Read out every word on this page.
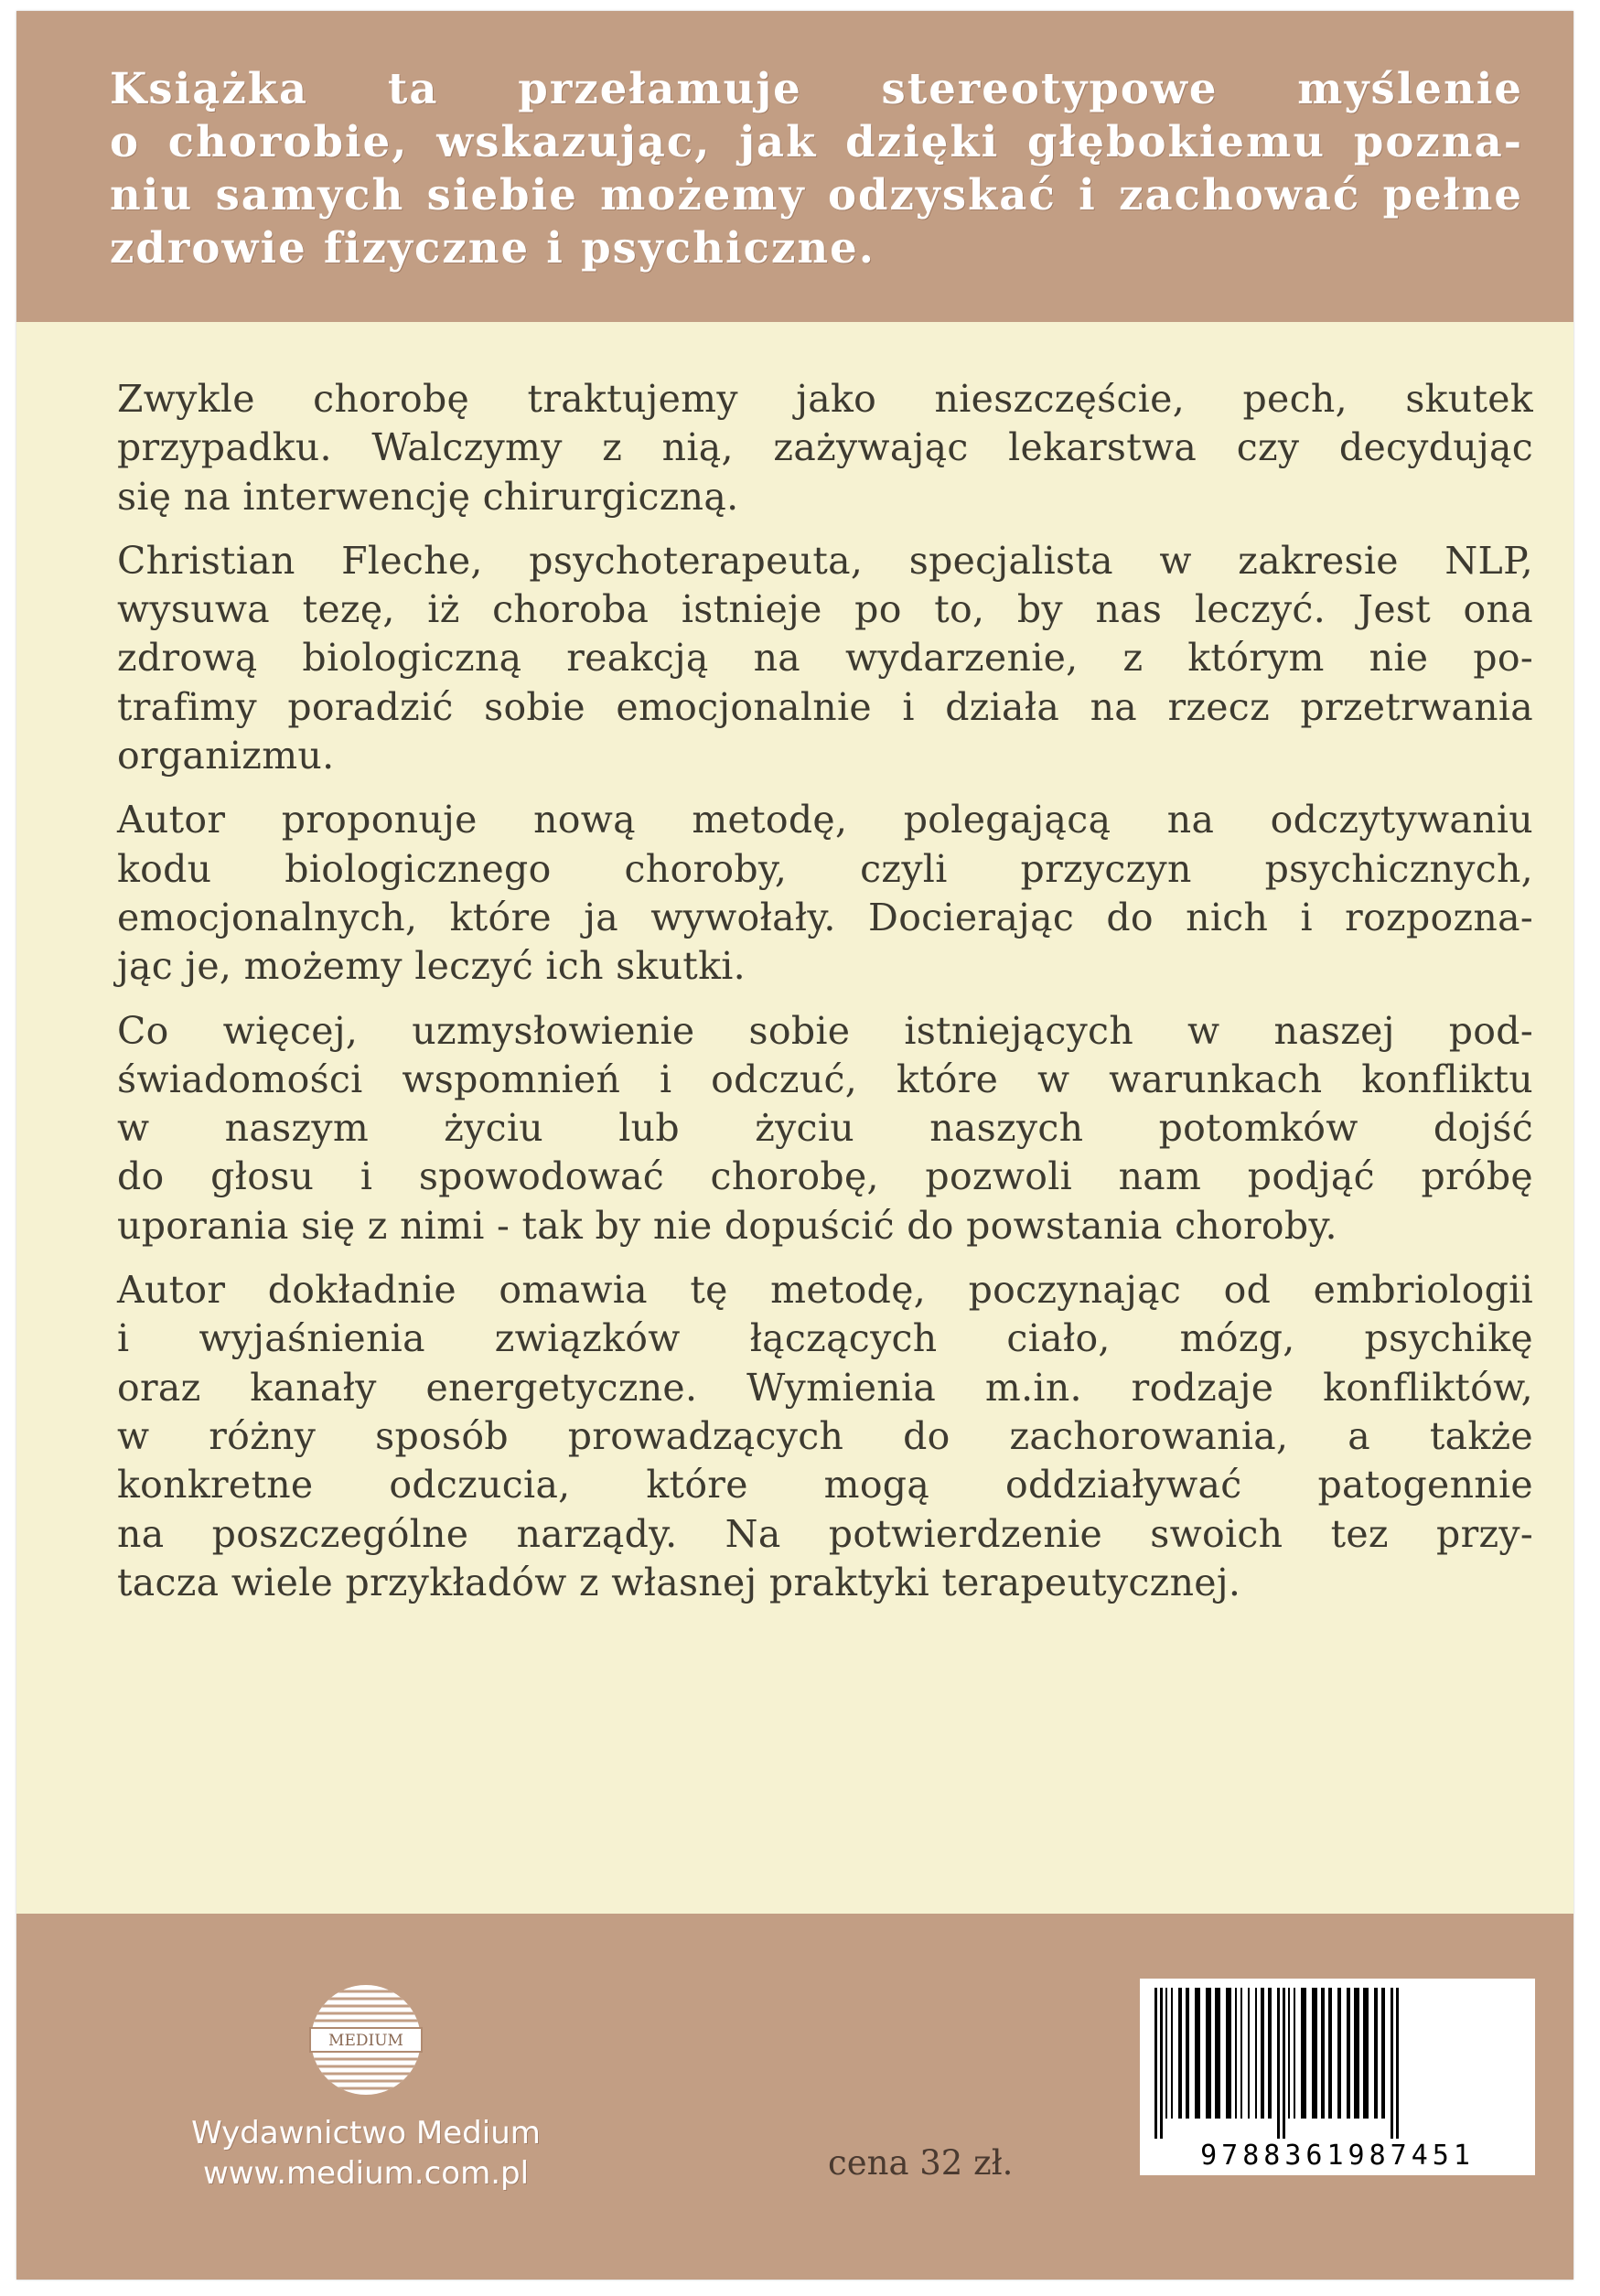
Książka ta przełamuje stereotypowe myślenie
o chorobie, wskazując, jak dzięki głębokiemu pozna-
niu samych siebie możemy odzyskać i zachować pełne
zdrowie fizyczne i psychiczne.

Zwykle chorobę traktujemy jako nieszczęście, pech, skutek
przypadku. Walczymy z nią, zażywając lekarstwa czy decydując
się na interwencję chirurgiczną.

Christian Fleche, psychoterapeuta, specjalista w zakresie NLP,
wysuwa tezę, iż choroba istnieje po to, by nas leczyć. Jest ona
zdrową biologiczną reakcją na wydarzenie, z którym nie po-
trafimy poradzić sobie emocjonalnie i działa na rzecz przetrwania
organizmu.

Autor proponuje nową metodę, polegającą na odczytywaniu
kodu biologicznego choroby, czyli przyczyn psychicznych,
emocjonalnych, które ja wywołały. Docierając do nich i rozpozna-
jąc je, możemy leczyć ich skutki.

Co więcej, uzmysłowienie sobie istniejących w naszej pod-
świadomości wspomnień i odczuć, które w warunkach konfliktu
w naszym życiu lub życiu naszych potomków dojść
do głosu i spowodować chorobę, pozwoli nam podjąć próbę
uporania się z nimi - tak by nie dopuścić do powstania choroby.

Autor dokładnie omawia tę metodę, poczynając od embriologii
i wyjaśnienia związków łączących ciało, mózg, psychikę
oraz kanały energetyczne. Wymienia m.in. rodzaje konfliktów,
w różny sposób prowadzących do zachorowania, a także
konkretne odczucia, które mogą oddziaływać patogennie
na poszczególne narządy. Na potwierdzenie swoich tez przy-
tacza wiele przykładów z własnej praktyki terapeutycznej.

MEDIUM
Wydawnictwo Medium
www.medium.com.pl	cena 32 zł.	9788361987451
